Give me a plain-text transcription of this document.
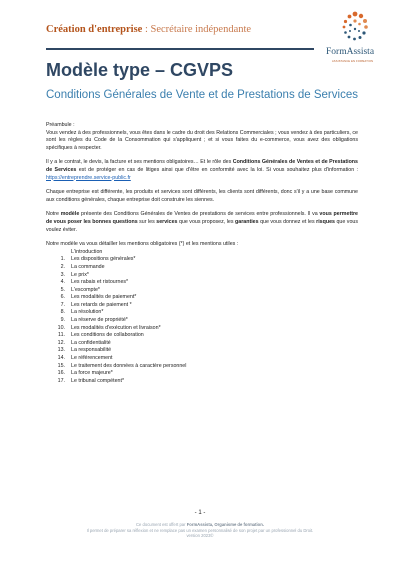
Création d'entreprise : Secrétaire indépendante
FormAssista
ASSISTANCE EN FORMATION
Modèle type – CGVPS
Conditions Générales de Vente et de Prestations de Services

Préambule :

Vous vendez à des professionnels, vous êtes dans le cadre du droit des Relations Commerciales ; vous vendez à des particuliers, ce sont les règles du Code de la Consommation qui s'appliquent ; et si vous faites du e-commerce, vous avez des obligations spécifiques à respecter.

Il y a le contrat, le devis, la facture et ses mentions obligatoires… Et le rôle des Conditions Générales de Ventes et de Prestations de Services est de protéger en cas de litiges ainsi que d'être en conformité avec la loi. Si vous souhaitez plus d'information : https://entreprendre.service-public.fr

Chaque entreprise est différente, les produits et services sont différents, les clients sont différents, donc s'il y a une base commune aux conditions générales, chaque entreprise doit construire les siennes.

Notre modèle présente des Conditions Générales de Ventes de prestations de services entre professionnels. Il va vous permettre de vous poser les bonnes questions sur les services que vous proposez, les garanties que vous donnez et les risques que vous voulez éviter.

Notre modèle va vous détailler les mentions obligatoires (*) et les mentions utiles :

L'introduction

1.	Les dispositions générales*
2.	La commande
3.	Le prix*
4.	Les rabais et ristournes*
5.	L'escompte*
6.	Les modalités de paiement*
7.	Les retards de paiement *
8.	La résolution*
9.	La réserve de propriété*
10.	Les modalités d'exécution et livraison*
11.	Les conditions de collaboration
12.	La confidentialité
13.	La responsabilité
14.	Le référencement
15.	Le traitement des données à caractère personnel
16.	La force majeure*
17.	Le tribunal compétent*
- 1 -
Ce document est offert par FormAssista, Organisme de formation.
Il permet de préparer sa réflexion et ne remplace pas un examen personnalisé de son projet par un professionnel du Droit.
version 2023©
